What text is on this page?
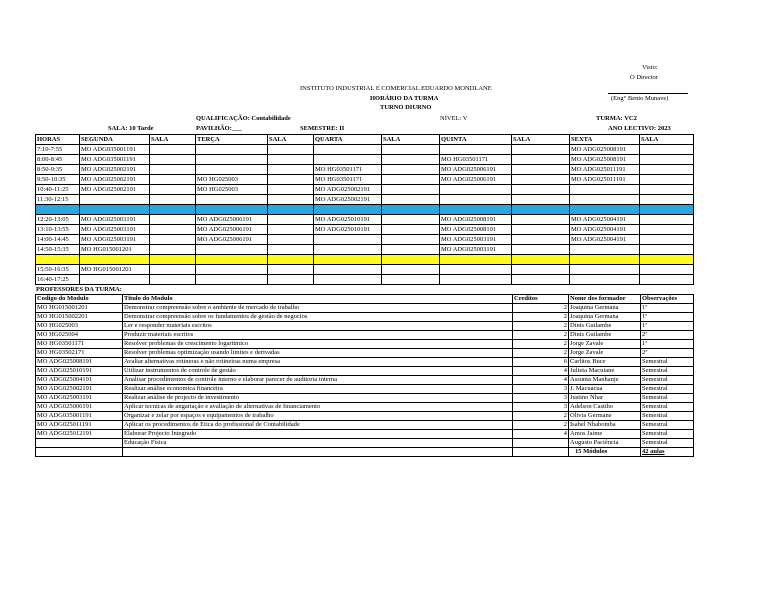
Visto:
O Director
(Eng° Bento Munave)
INSTITUTO INDUSTRIAL E COMERCIAL EDUARDO MONDLANE
HORÁRIO DA TURMA
TURNO DIURNO
QUALIFICAÇÃO: Contabilidade	NÍVEL: V	TURMA: VC2
SALA: 10 Tarde	PAVILHÃO:___	SEMESTRE: II	ANO LECTIVO: 2023
HORAS	SEGUNDA	SALA	TERÇA	SALA	QUARTA	SALA	QUINTA	SALA	SEXTA	SALA
7:10-7:55	MO ADG035001191								MO ADG025008191	
8:00-8:45	MO ADG035001191						MO HG03501171		MO ADG025008191	
8:50-9:35	MO ADG025002191				MO HG03501171		MO ADG025006191		MO ADG025011191	
9:50-10:35	MO ADG025002191		MO HG025003		MO HG03501171		MO ADG025006191		MO ADG025011191	
10:40-11:25	MO ADG025002191		MO HG025003		MO ADG025002191					
11:30-12:15					MO ADG025002191					

12:20-13:05	MO ADG025003191		MO ADG025006191		MO ADG025010191		MO ADG025008191		MO ADG025004191	
13:10-13:55	MO ADG025003191		MO ADG025006191		MO ADG025010191		MO ADG025008191		MO ADG025004191	
14:00-14:45	MO ADG025003191		MO ADG025006191				MO ADG025003191		MO ADG025004191	
14:50-15:35	MO HG015001201						MO ADG025003191			

15:50-16:35	MO HG015001201									
16:40-17:25										
PROFESSORES DA TURMA:
Codigo do Modulo	Titulo do Modulo	Creditos	Nome dos formador	Observações
MO HG015001201	Demonstrar compreensão sobre o ambiente de mercado de trabalho	2	Joaquina Germana	1ª
MO HG015002201	Demonstrar compreensão sobre os fundamentos de gestão de negocios	2	Joaquina Germana	1ª
MO HG025003	Ler e responder materiais escritos	2	Dinis Guilambe	1ª
MO HG025004	Produzir materiais escritos	2	Dinis Guilambe	2ª
MO HG03501171	Resolver problemas de crescimento logaritmico	2	Jorge Zavale	1ª
MO HG03502171	Resolver problemas optimização usando limites e derivadas	2	Jorge Zavale	2ª
MO ADG025008191	Avaliar alternativas rotineras e não rotineiras numa empresa	6	Carlitos Buce	Semestral
MO ADG025010191	Utilizar instrumentos de controle de gestão	4	Julieta Macuiane	Semestral
MO ADG025004191	Analisar procedimentos de controle interno e elaborar parecer de auditoria interna	4	Assunta Manhanje	Semestral
MO ADG025002191	Realizar análise economica financeira	3	J. Macuacua	Semestral
MO ADG025003191	Realizar análise de projecto de investimento	3	Justino Nhar	Semestral
MO ADG025006191	Aplicar tecnicas de angariação e avaliação de alternativas de financiamento	3	Adelson Castiho	Semestral
MO ADG035001191	Organizar e zelar por espaços e equipamentos de trabalho	2	Olivia Germane	Semestral
MO ADG025011191	Aplicar os procedimentos de Etica do profissional de Contabilidade	2	Isabel Nhabomba	Semestral
MO ADG025012191	Elaborar Projecto Integrado	4	Amos Jaime	Semestral
	Educação Física		Augusto Paciência	Semestral
			15 Módulos	42 aulas
